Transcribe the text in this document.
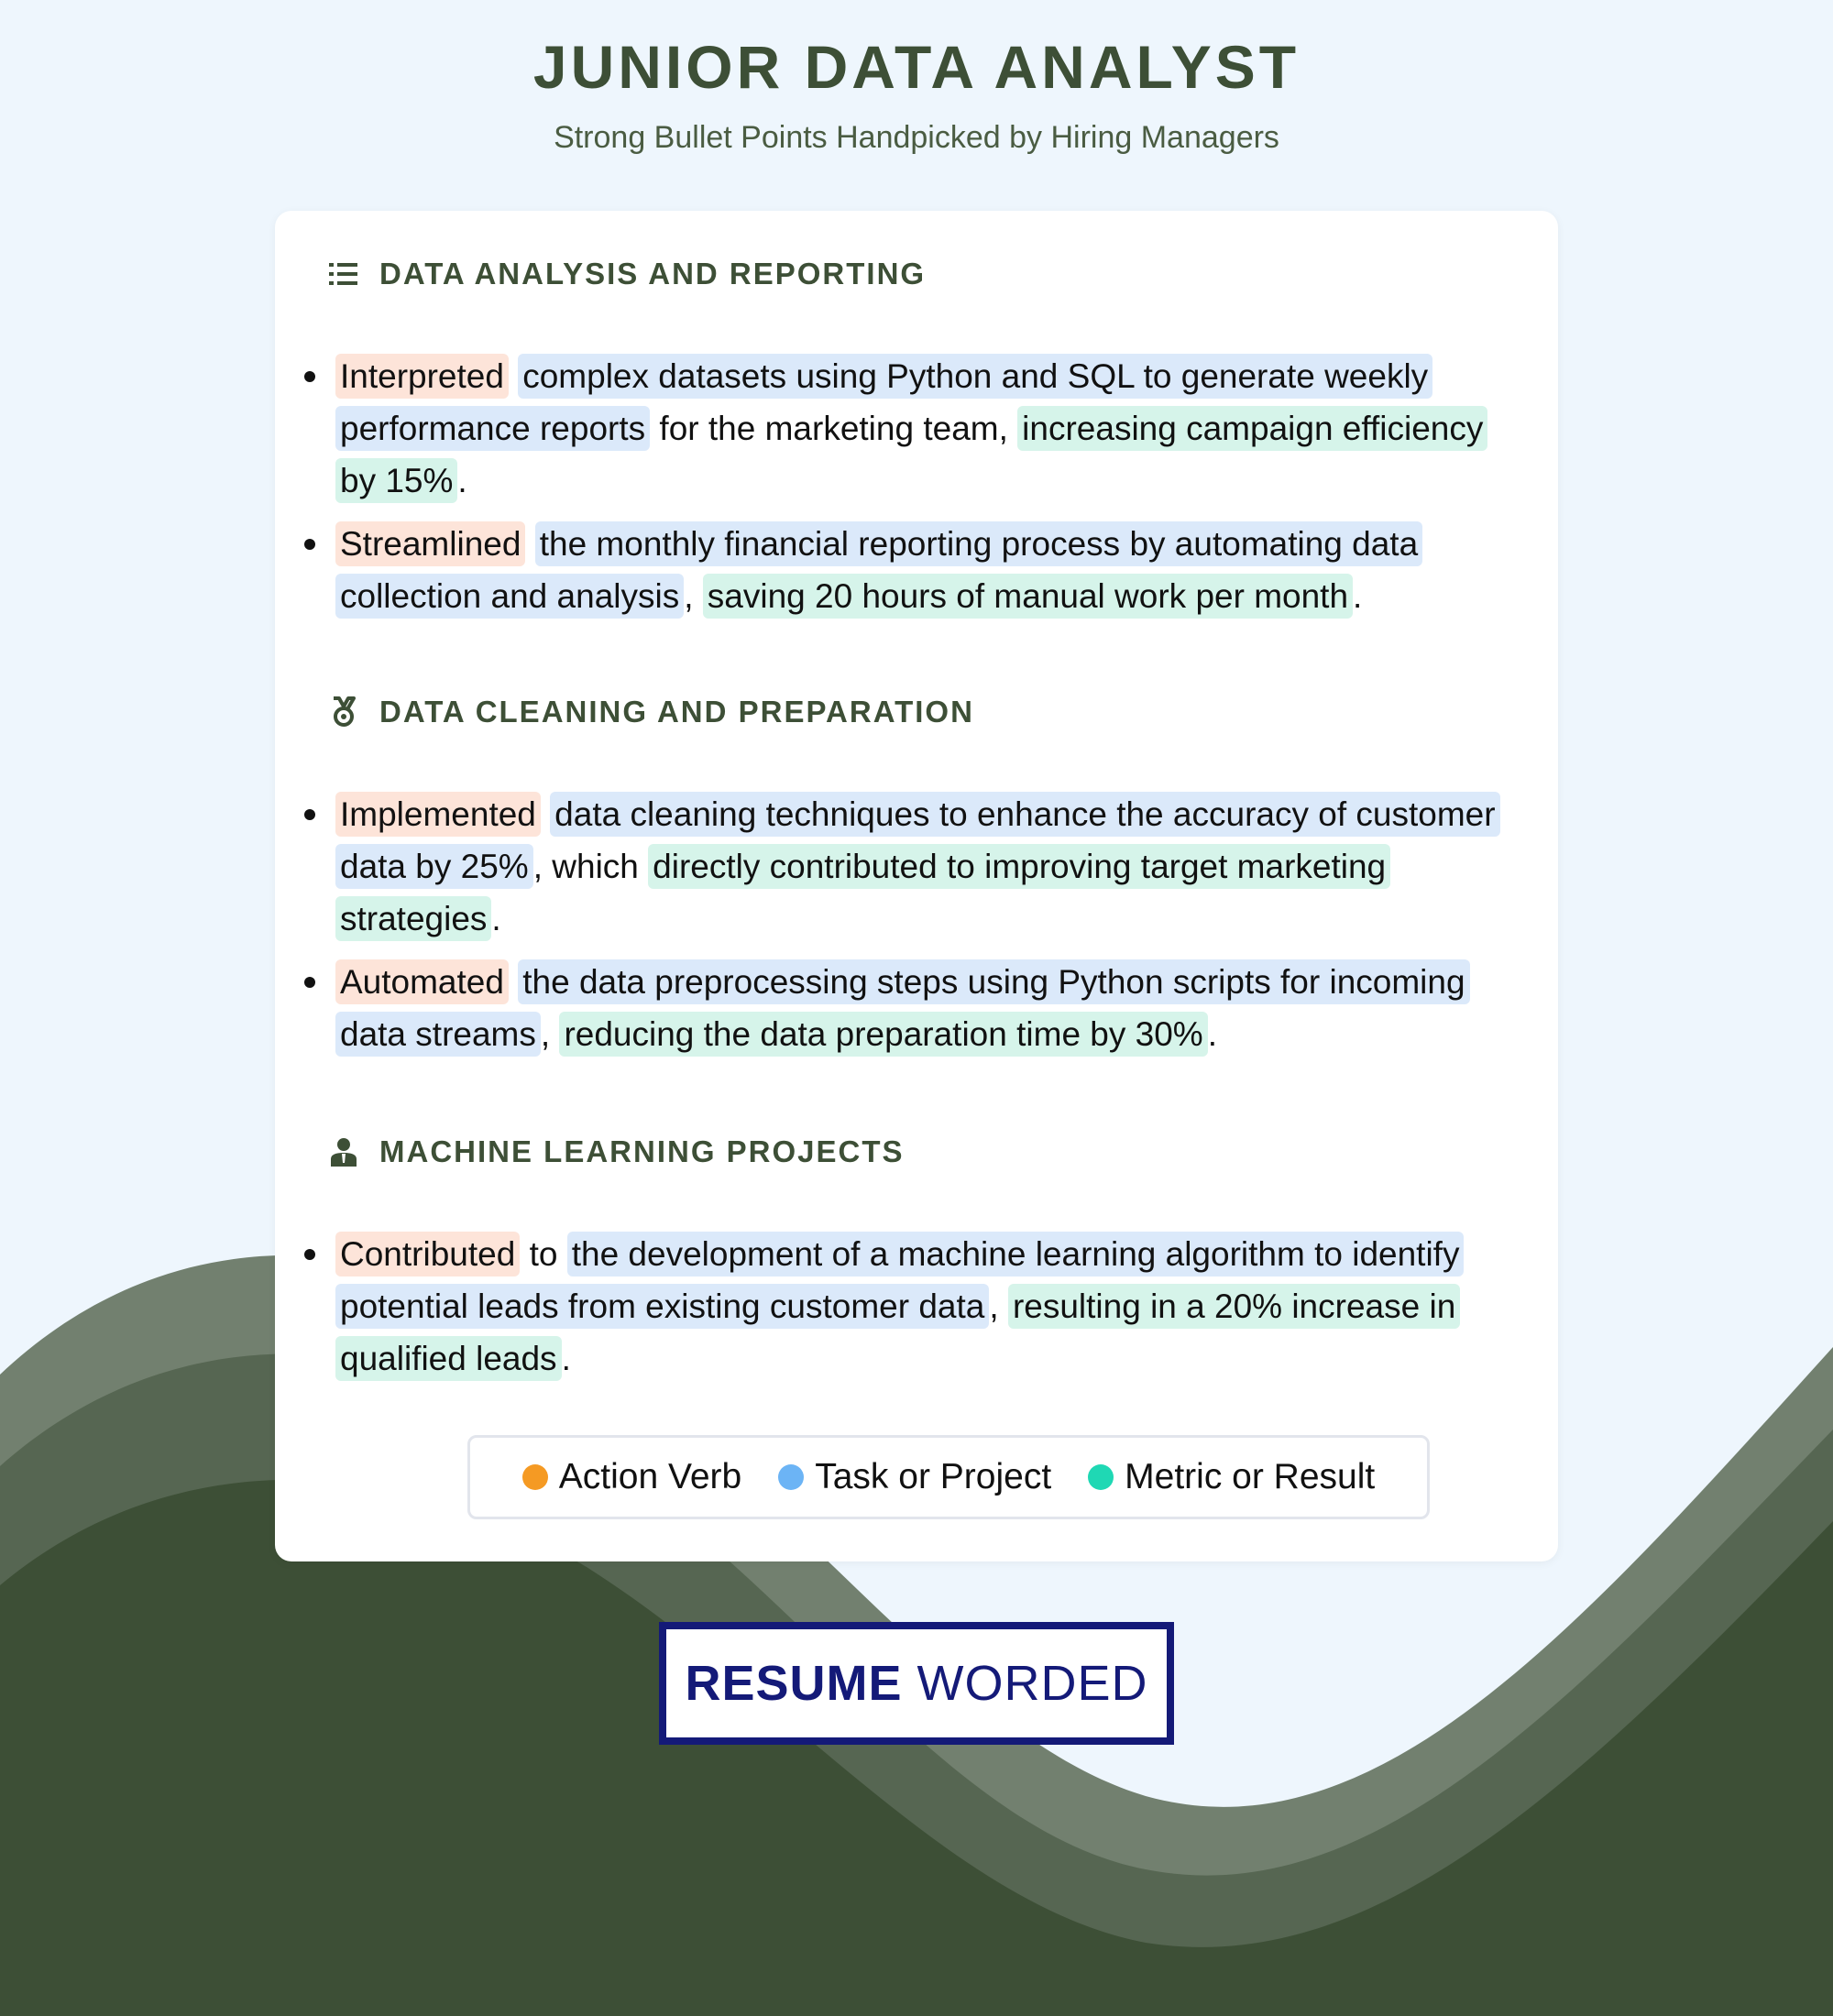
JUNIOR DATA ANALYST
Strong Bullet Points Handpicked by Hiring Managers
DATA ANALYSIS AND REPORTING
Interpreted complex datasets using Python and SQL to generate weekly performance reports for the marketing team, increasing campaign efficiency by 15% .
Streamlined the monthly financial reporting process by automating data collection and analysis , saving 20 hours of manual work per month .
DATA CLEANING AND PREPARATION
Implemented data cleaning techniques to enhance the accuracy of customer data by 25% , which directly contributed to improving target marketing strategies .
Automated the data preprocessing steps using Python scripts for incoming data streams , reducing the data preparation time by 30% .
MACHINE LEARNING PROJECTS
Contributed to the development of a machine learning algorithm to identify potential leads from existing customer data , resulting in a 20% increase in qualified leads .
Action Verb Task or Project Metric or Result
RESUME WORDED
